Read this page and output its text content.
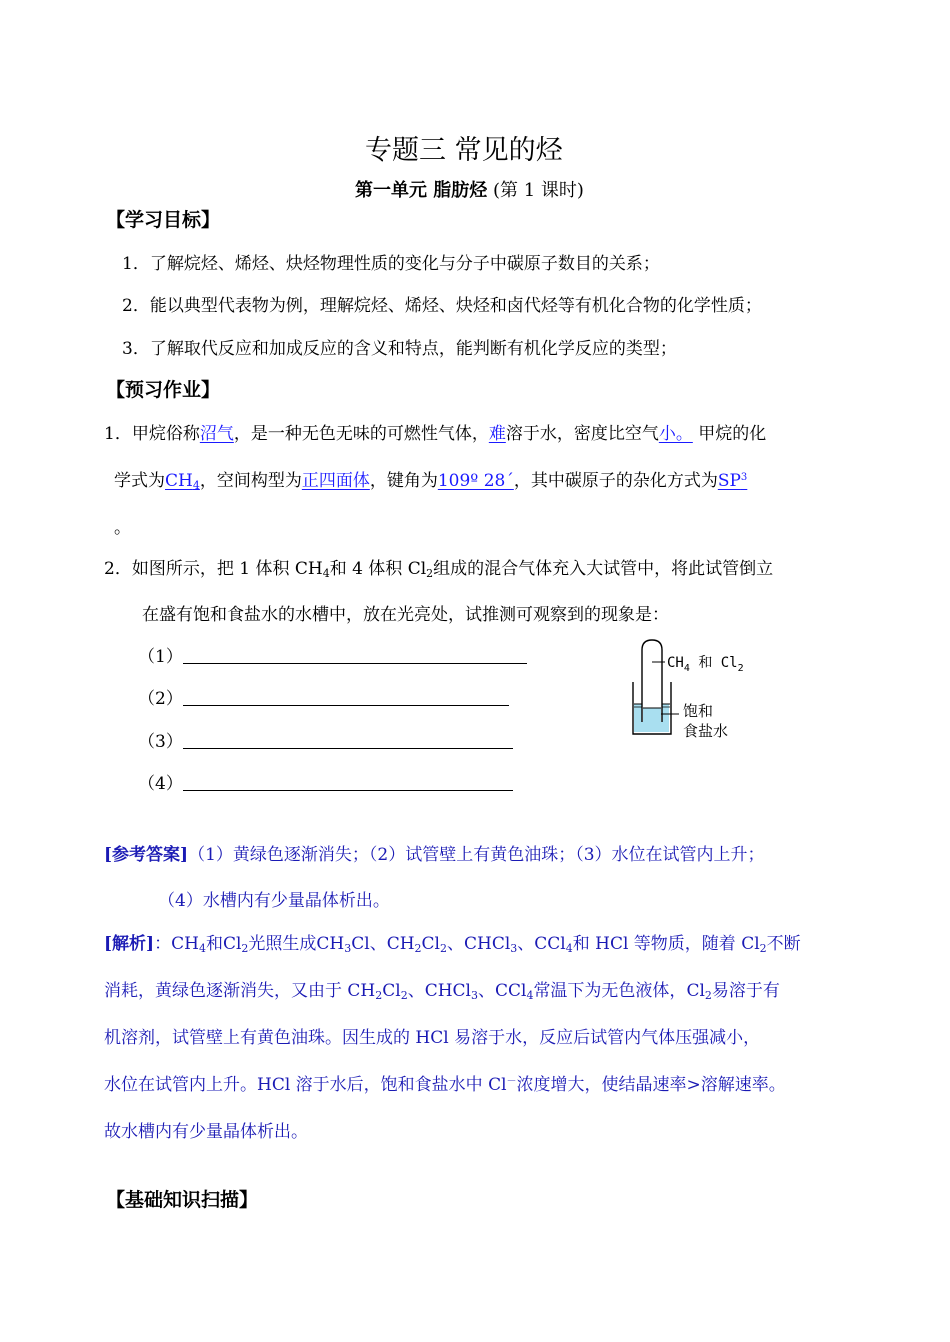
专题三 常见的烃
第一单元 脂肪烃 (第 1 课时)
【学习目标】
1．了解烷烃、烯烃、炔烃物理性质的变化与分子中碳原子数目的关系；
2．能以典型代表物为例，理解烷烃、烯烃、炔烃和卤代烃等有机化合物的化学性质；
3．了解取代反应和加成反应的含义和特点，能判断有机化学反应的类型；
【预习作业】
1．甲烷俗称沼气，是一种无色无味的可燃性气体，难溶于水，密度比空气小。 甲烷的化
学式为$CH_4$，空间构型为正四面体，键角为109º 28´，其中碳原子的杂化方式为$SP^3$
。
2．如图所示，把 1 体积 $CH_4$和 4 体积 $Cl_2$组成的混合气体充入大试管中，将此试管倒立
在盛有饱和食盐水的水槽中，放在光亮处，试推测可观察到的现象是：
（1）
（2）
（3）
（4）
$CH_4$ 和 $Cl_2$
饱和
食盐水
[参考答案]（1）黄绿色逐渐消失；（2）试管壁上有黄色油珠；（3）水位在试管内上升；
（4）水槽内有少量晶体析出。
[解析]：$CH_4$和$Cl_2$光照生成$CH_3Cl$、$CH_2Cl_2$、CHCl$_3$、CCl$_4$和 HCl 等物质，随着 $Cl_2$不断
消耗，黄绿色逐渐消失，又由于 $CH_2Cl_2$、CHCl$_3$、CCl$_4$常温下为无色液体，$Cl_2$易溶于有
机溶剂，试管壁上有黄色油珠。因生成的 HCl 易溶于水，反应后试管内气体压强减小，
水位在试管内上升。HCl 溶于水后，饱和食盐水中 Cl－浓度增大，使结晶速率>溶解速率。
故水槽内有少量晶体析出。
【基础知识扫描】
